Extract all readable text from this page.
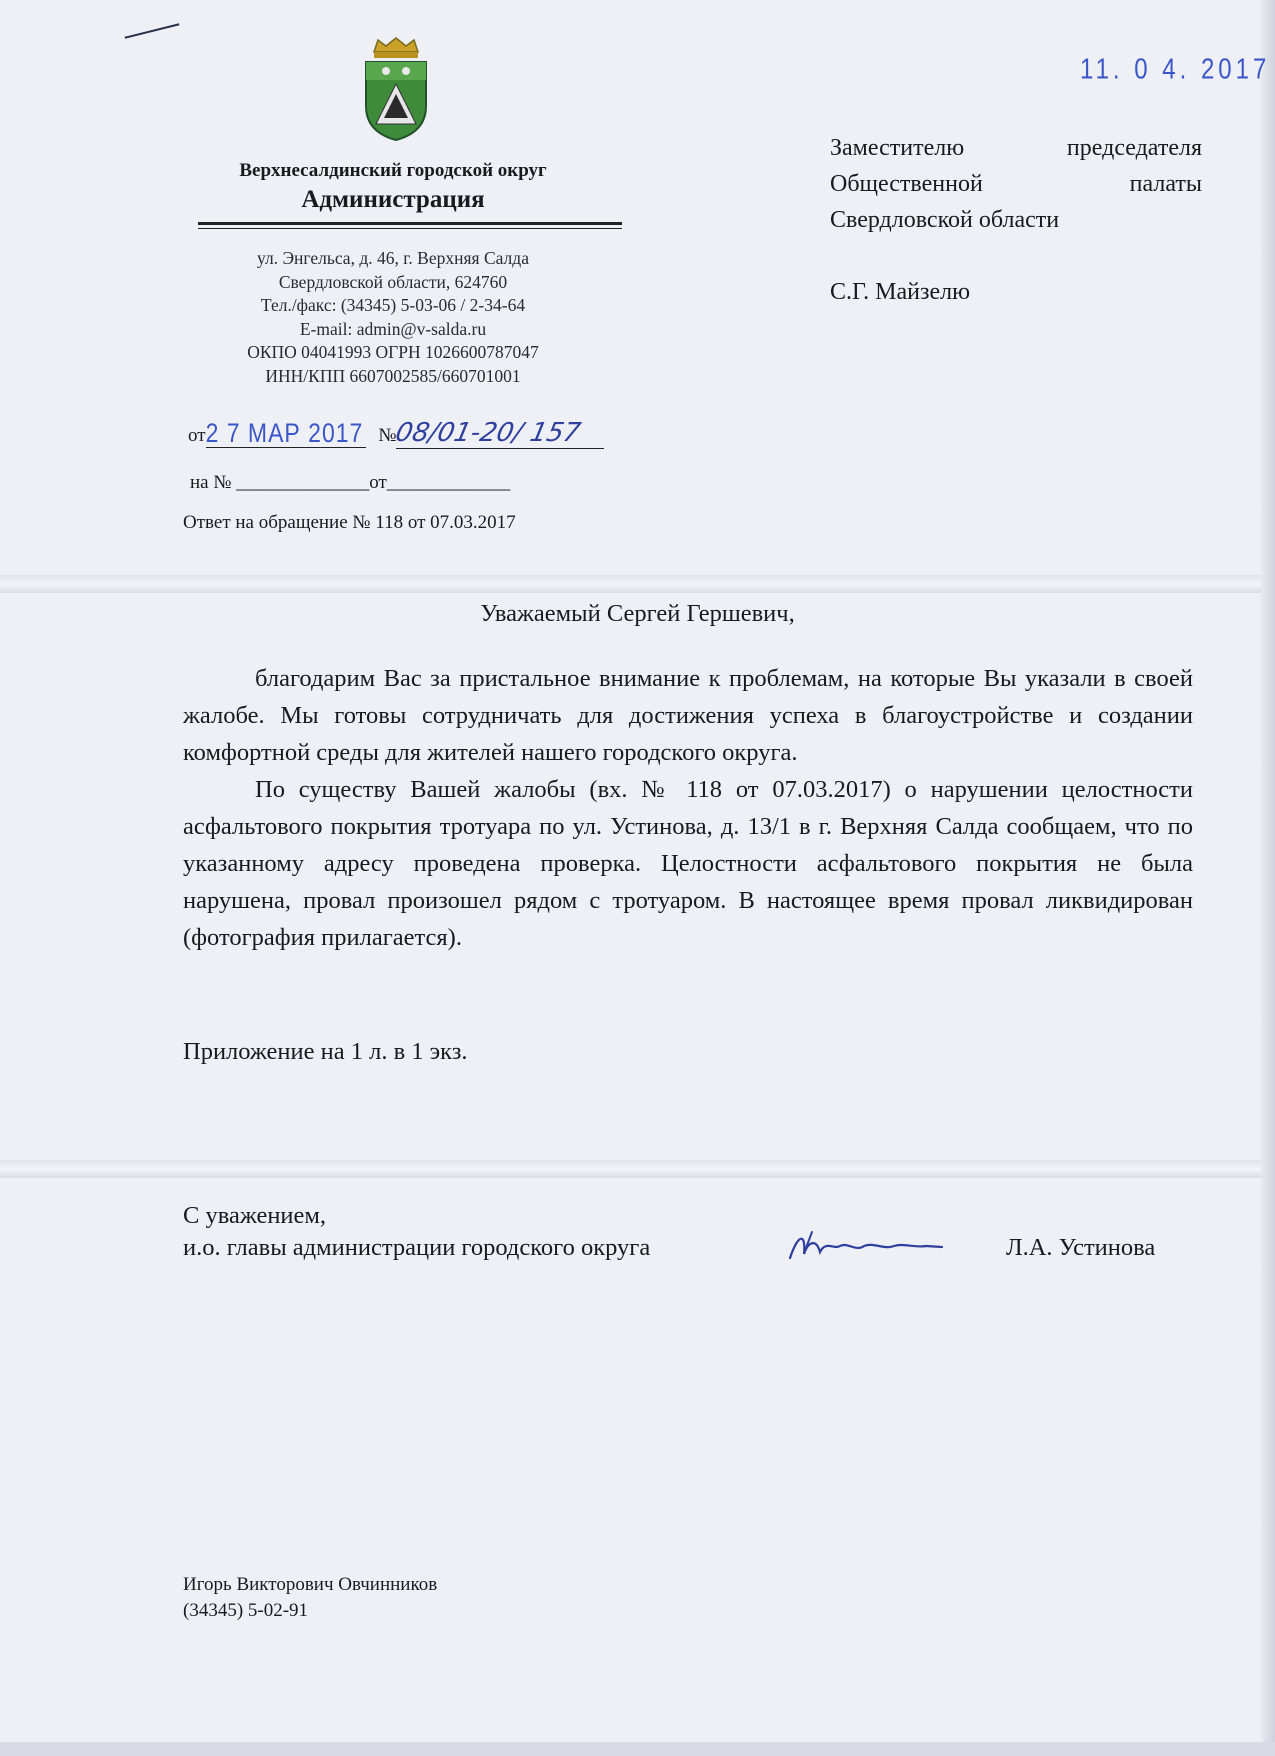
Верхнесалдинский городской округ
Администрация
ул. Энгельса, д. 46, г. Верхняя Салда
Свердловской области, 624760
Тел./факс: (34345) 5-03-06 / 2-34-64
E-mail: admin@v-salda.ru
ОКПО 04041993 ОГРН 1026600787047
ИНН/КПП 6607002585/660701001
от2 7 МАР 2017 №08/01-20/ 157
на № ______________от_____________
Ответ на обращение № 118 от 07.03.2017
11. 0 4. 2017
Заместителю председателя
Общественной палаты
Свердловской области
С.Г. Майзелю
Уважаемый Сергей Гершевич,

благодарим Вас за пристальное внимание к проблемам, на которые Вы указали в своей жалобе. Мы готовы сотрудничать для достижения успеха в благоустройстве и создании комфортной среды для жителей нашего городского округа.

По существу Вашей жалобы (вх. № 118 от 07.03.2017) о нарушении целостности асфальтового покрытия тротуара по ул. Устинова, д. 13/1 в г. Верхняя Салда сообщаем, что по указанному адресу проведена проверка. Целостности асфальтового покрытия не была нарушена, провал произошел рядом с тротуаром. В настоящее время провал ликвидирован (фотография прилагается).

Приложение на 1 л. в 1 экз.
С уважением,
и.о. главы администрации городского округа	Л.А. Устинова
Игорь Викторович Овчинников
(34345) 5-02-91
